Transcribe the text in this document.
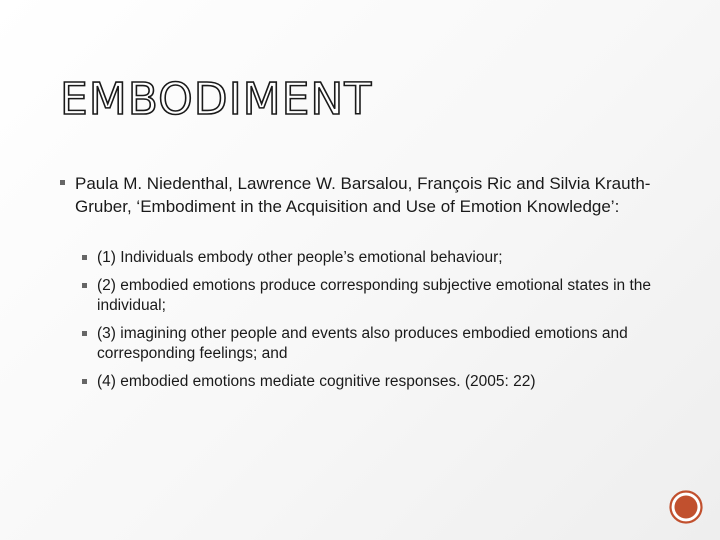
EMBODIMENT
Paula M. Niedenthal, Lawrence W. Barsalou, François Ric and Silvia Krauth-Gruber, ‘Embodiment in the Acquisition and Use of Emotion Knowledge’:
(1) Individuals embody other people’s emotional behaviour;
(2) embodied emotions produce corresponding subjective emotional states in the individual;
(3) imagining other people and events also produces embodied emotions and corresponding feelings; and
(4) embodied emotions mediate cognitive responses. (2005: 22)
